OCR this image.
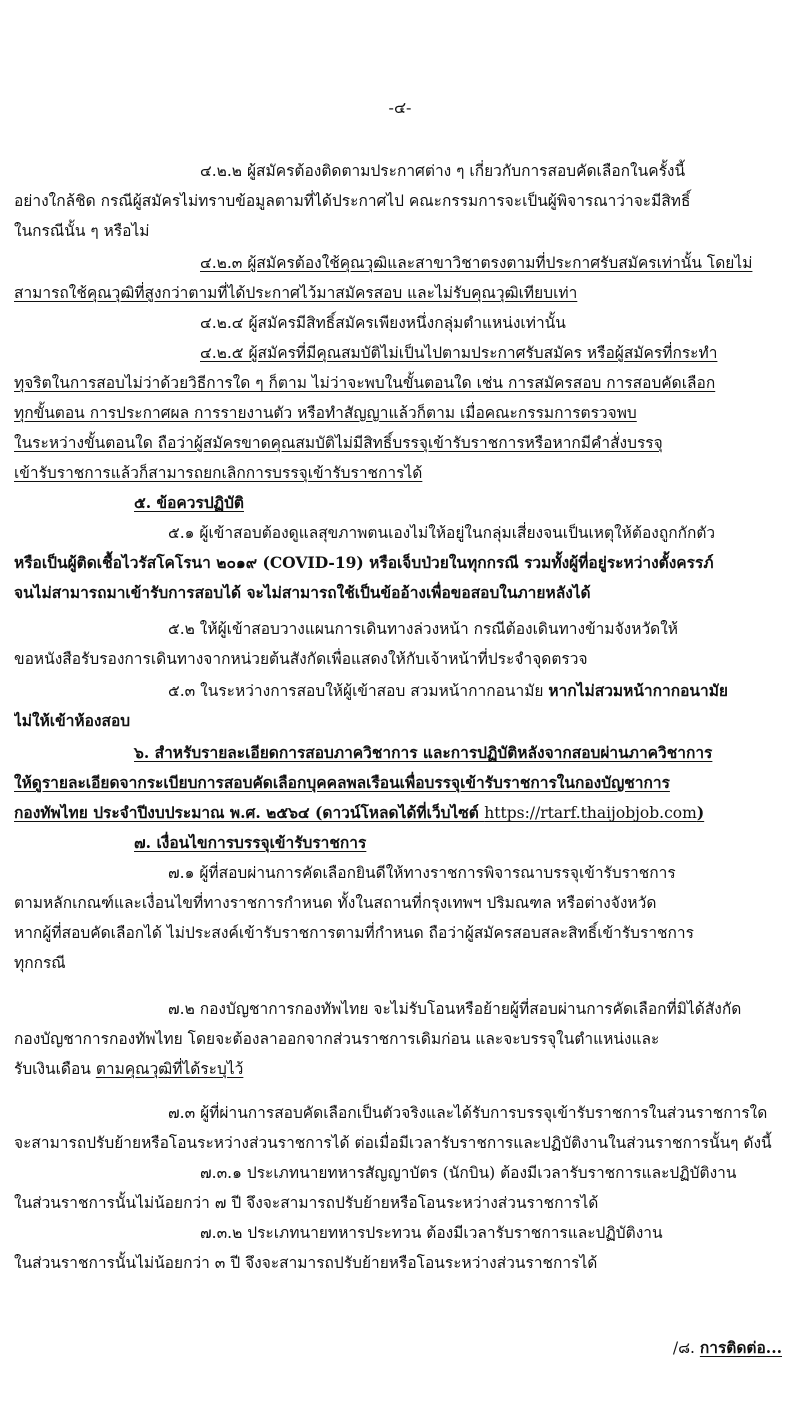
-๔-
๔.๒.๒ ผู้สมัครต้องติดตามประกาศต่าง ๆ เกี่ยวกับการสอบคัดเลือกในครั้งนี้
อย่างใกล้ชิด กรณีผู้สมัครไม่ทราบข้อมูลตามที่ได้ประกาศไป คณะกรรมการจะเป็นผู้พิจารณาว่าจะมีสิทธิ์
ในกรณีนั้น ๆ หรือไม่
๔.๒.๓ ผู้สมัครต้องใช้คุณวุฒิและสาขาวิชาตรงตามที่ประกาศรับสมัครเท่านั้น โดยไม่
สามารถใช้คุณวุฒิที่สูงกว่าตามที่ได้ประกาศไว้มาสมัครสอบ และไม่รับคุณวุฒิเทียบเท่า
๔.๒.๔ ผู้สมัครมีสิทธิ์สมัครเพียงหนึ่งกลุ่มตำแหน่งเท่านั้น
๔.๒.๕ ผู้สมัครที่มีคุณสมบัติไม่เป็นไปตามประกาศรับสมัคร หรือผู้สมัครที่กระทำ
ทุจริตในการสอบไม่ว่าด้วยวิธีการใด ๆ ก็ตาม ไม่ว่าจะพบในขั้นตอนใด เช่น การสมัครสอบ การสอบคัดเลือก
ทุกขั้นตอน การประกาศผล การรายงานตัว หรือทำสัญญาแล้วก็ตาม เมื่อคณะกรรมการตรวจพบ
ในระหว่างขั้นตอนใด ถือว่าผู้สมัครขาดคุณสมบัติไม่มีสิทธิ์บรรจุเข้ารับราชการหรือหากมีคำสั่งบรรจุ
เข้ารับราชการแล้วก็สามารถยกเลิกการบรรจุเข้ารับราชการได้
๕. ข้อควรปฏิบัติ
๕.๑ ผู้เข้าสอบต้องดูแลสุขภาพตนเองไม่ให้อยู่ในกลุ่มเสี่ยงจนเป็นเหตุให้ต้องถูกกักตัว
หรือเป็นผู้ติดเชื้อไวรัสโคโรนา ๒๐๑๙ (COVID-19) หรือเจ็บป่วยในทุกกรณี รวมทั้งผู้ที่อยู่ระหว่างตั้งครรภ์
จนไม่สามารถมาเข้ารับการสอบได้ จะไม่สามารถใช้เป็นข้ออ้างเพื่อขอสอบในภายหลังได้
๕.๒ ให้ผู้เข้าสอบวางแผนการเดินทางล่วงหน้า กรณีต้องเดินทางข้ามจังหวัดให้
ขอหนังสือรับรองการเดินทางจากหน่วยต้นสังกัดเพื่อแสดงให้กับเจ้าหน้าที่ประจำจุดตรวจ
๕.๓ ในระหว่างการสอบให้ผู้เข้าสอบ สวมหน้ากากอนามัย หากไม่สวมหน้ากากอนามัย
ไม่ให้เข้าห้องสอบ
๖. สำหรับรายละเอียดการสอบภาควิชาการ และการปฏิบัติหลังจากสอบผ่านภาควิชาการ
ให้ดูรายละเอียดจากระเบียบการสอบคัดเลือกบุคคลพลเรือนเพื่อบรรจุเข้ารับราชการในกองบัญชาการ
กองทัพไทย ประจำปีงบประมาณ พ.ศ. ๒๕๖๔ (ดาวน์โหลดได้ที่เว็บไซต์ https://rtarf.thaijobjob.com)
๗. เงื่อนไขการบรรจุเข้ารับราชการ
๗.๑ ผู้ที่สอบผ่านการคัดเลือกยินดีให้ทางราชการพิจารณาบรรจุเข้ารับราชการ
ตามหลักเกณฑ์และเงื่อนไขที่ทางราชการกำหนด ทั้งในสถานที่กรุงเทพฯ ปริมณฑล หรือต่างจังหวัด
หากผู้ที่สอบคัดเลือกได้ ไม่ประสงค์เข้ารับราชการตามที่กำหนด ถือว่าผู้สมัครสอบสละสิทธิ์เข้ารับราชการ
ทุกกรณี
๗.๒ กองบัญชาการกองทัพไทย จะไม่รับโอนหรือย้ายผู้ที่สอบผ่านการคัดเลือกที่มิได้สังกัด
กองบัญชาการกองทัพไทย โดยจะต้องลาออกจากส่วนราชการเดิมก่อน และจะบรรจุในตำแหน่งและ
รับเงินเดือน ตามคุณวุฒิที่ได้ระบุไว้
๗.๓ ผู้ที่ผ่านการสอบคัดเลือกเป็นตัวจริงและได้รับการบรรจุเข้ารับราชการในส่วนราชการใด
จะสามารถปรับย้ายหรือโอนระหว่างส่วนราชการได้ ต่อเมื่อมีเวลารับราชการและปฏิบัติงานในส่วนราชการนั้นๆ ดังนี้
๗.๓.๑ ประเภทนายทหารสัญญาบัตร (นักบิน) ต้องมีเวลารับราชการและปฏิบัติงาน
ในส่วนราชการนั้นไม่น้อยกว่า ๗ ปี จึงจะสามารถปรับย้ายหรือโอนระหว่างส่วนราชการได้
๗.๓.๒ ประเภทนายทหารประทวน ต้องมีเวลารับราชการและปฏิบัติงาน
ในส่วนราชการนั้นไม่น้อยกว่า ๓ ปี จึงจะสามารถปรับย้ายหรือโอนระหว่างส่วนราชการได้
/๘. การติดต่อ...
